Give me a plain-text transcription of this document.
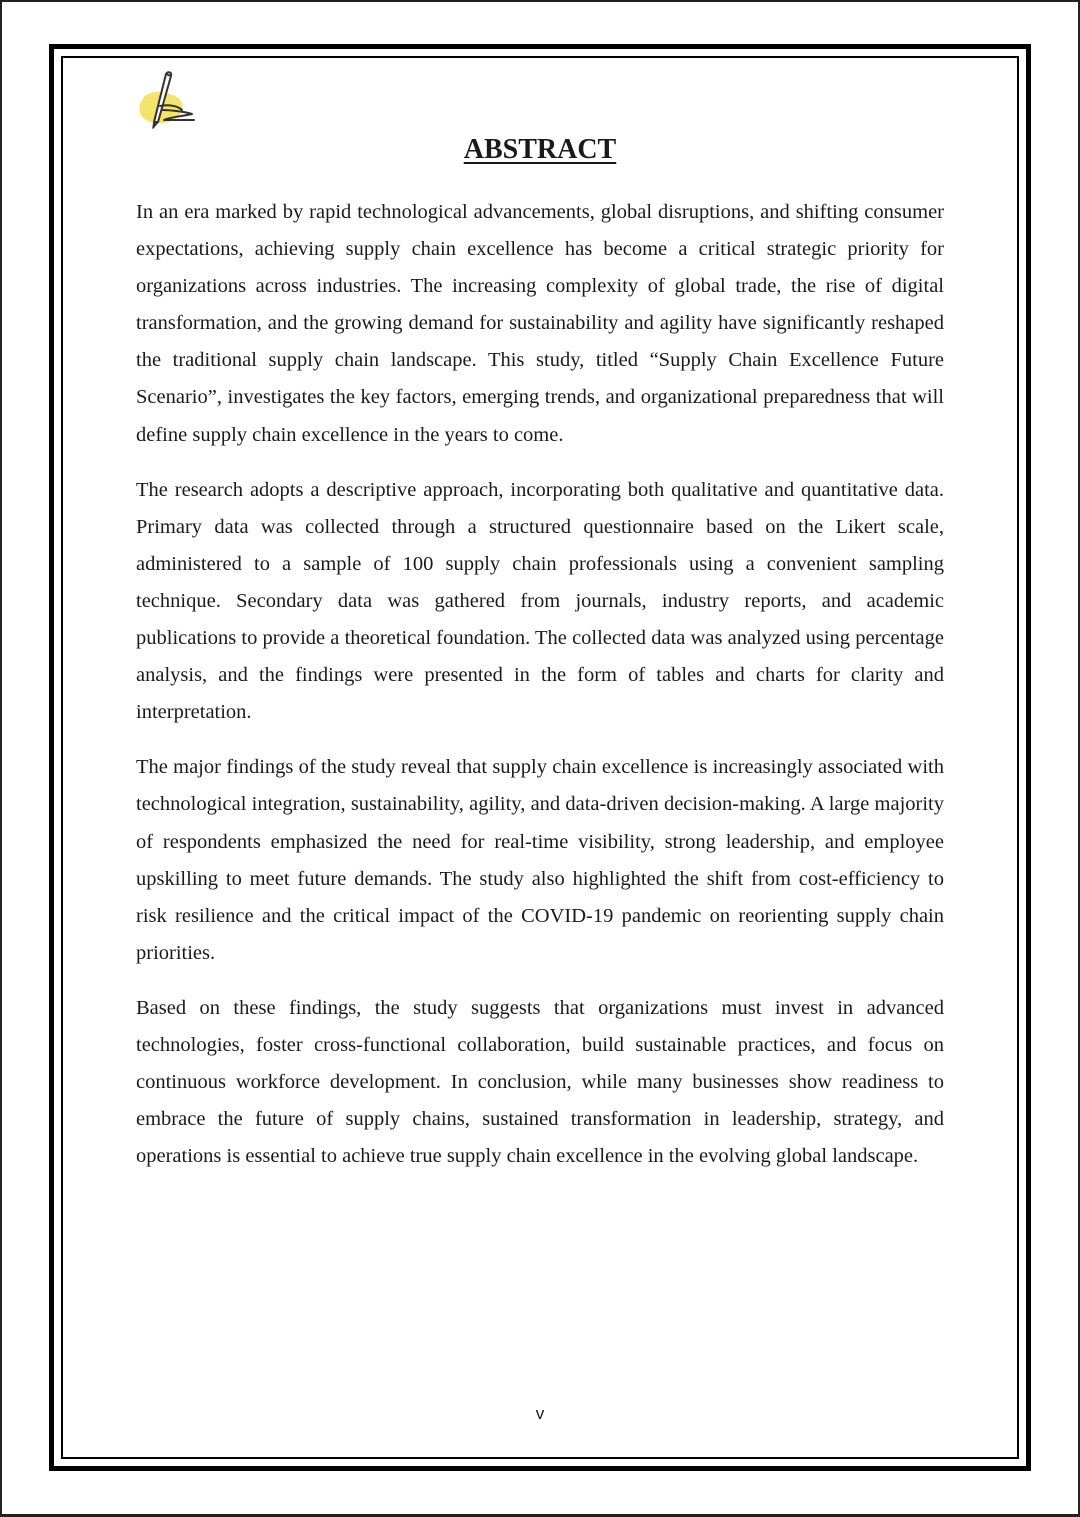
ABSTRACT

In an era marked by rapid technological advancements, global disruptions, and shifting consumer expectations, achieving supply chain excellence has become a critical strategic priority for organizations across industries. The increasing complexity of global trade, the rise of digital transformation, and the growing demand for sustainability and agility have significantly reshaped the traditional supply chain landscape. This study, titled “Supply Chain Excellence Future Scenario”, investigates the key factors, emerging trends, and organizational preparedness that will define supply chain excellence in the years to come.

The research adopts a descriptive approach, incorporating both qualitative and quantitative data. Primary data was collected through a structured questionnaire based on the Likert scale, administered to a sample of 100 supply chain professionals using a convenient sampling technique. Secondary data was gathered from journals, industry reports, and academic publications to provide a theoretical foundation. The collected data was analyzed using percentage analysis, and the findings were presented in the form of tables and charts for clarity and interpretation.

The major findings of the study reveal that supply chain excellence is increasingly associated with technological integration, sustainability, agility, and data-driven decision-making. A large majority of respondents emphasized the need for real-time visibility, strong leadership, and employee upskilling to meet future demands. The study also highlighted the shift from cost-efficiency to risk resilience and the critical impact of the COVID-19 pandemic on reorienting supply chain priorities.

Based on these findings, the study suggests that organizations must invest in advanced technologies, foster cross-functional collaboration, build sustainable practices, and focus on continuous workforce development. In conclusion, while many businesses show readiness to embrace the future of supply chains, sustained transformation in leadership, strategy, and operations is essential to achieve true supply chain excellence in the evolving global landscape.

v
